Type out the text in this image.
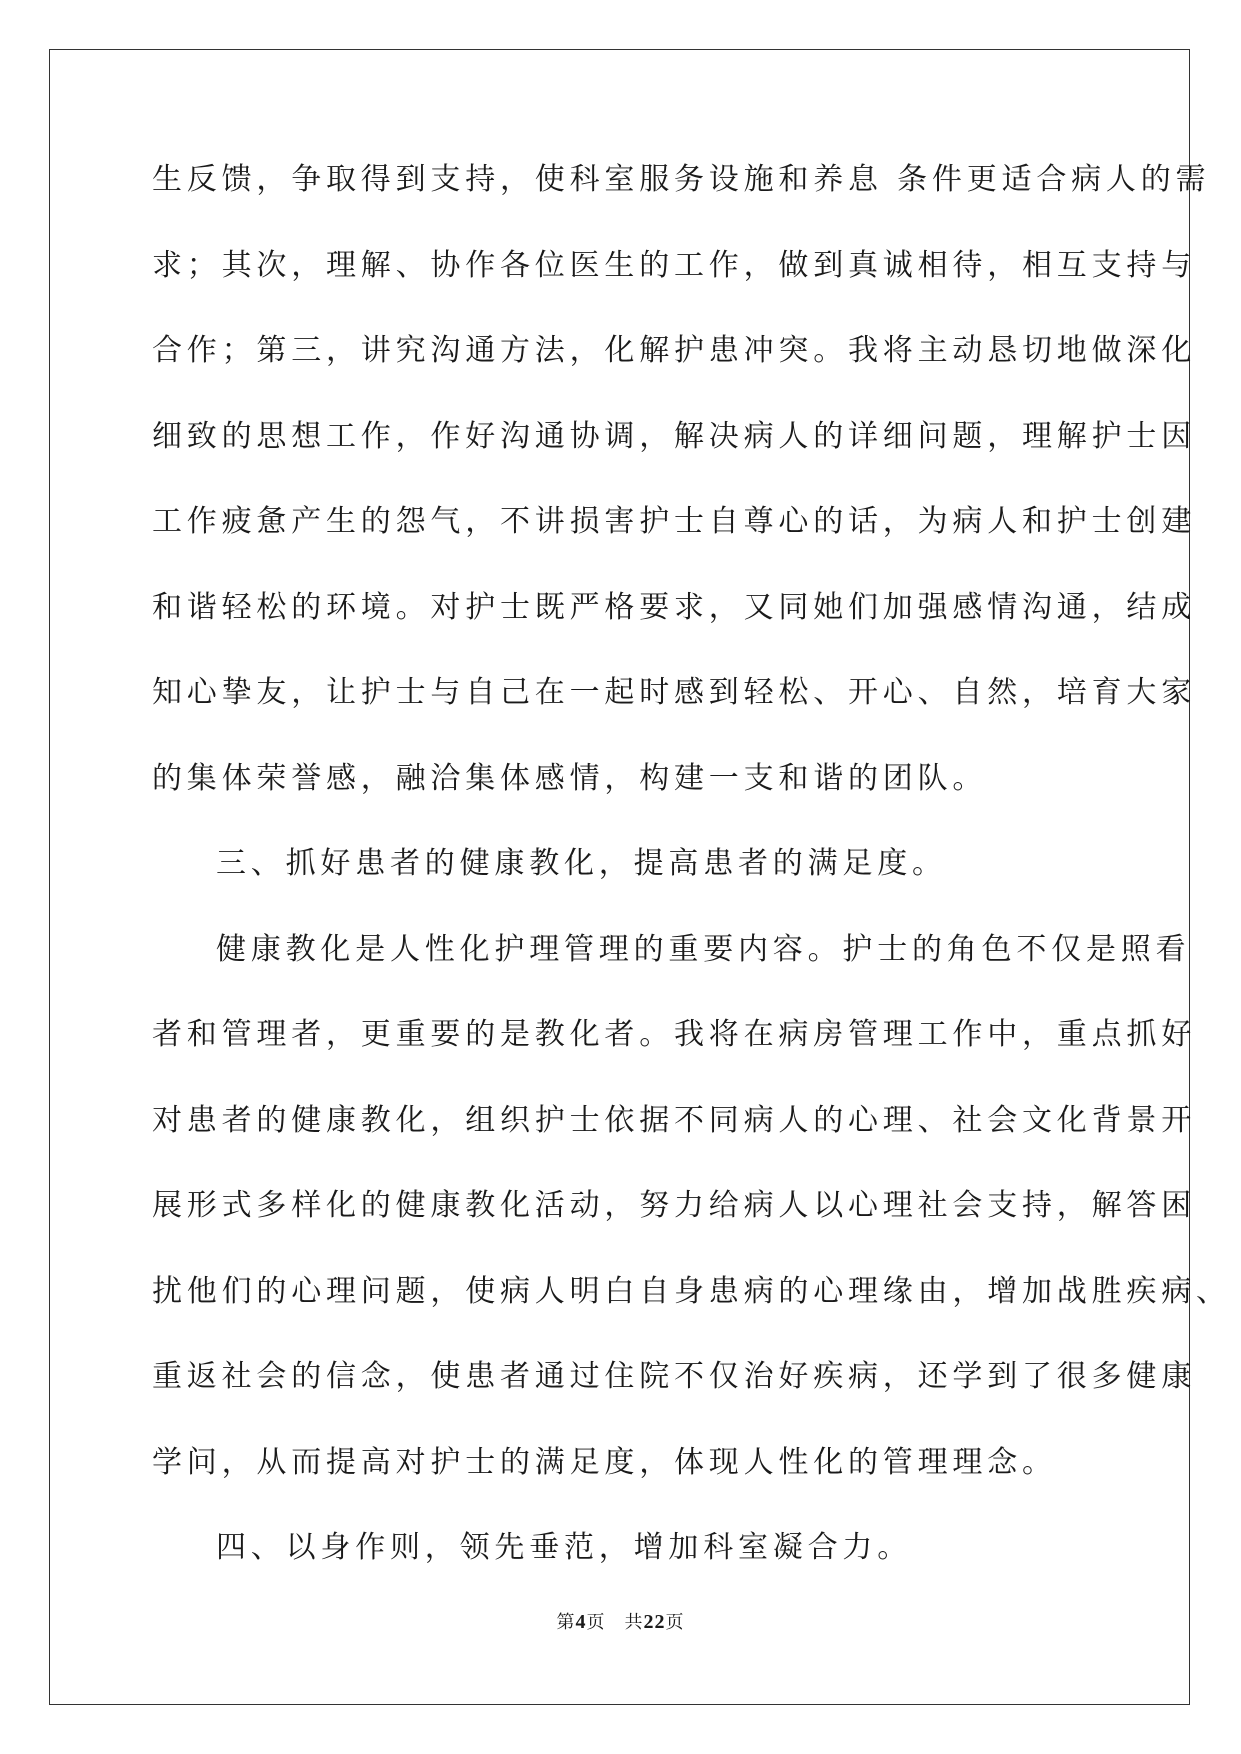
生反馈，争取得到支持，使科室服务设施和养息 条件更适合病人的需
求；其次，理解、协作各位医生的工作，做到真诚相待，相互支持与
合作；第三，讲究沟通方法，化解护患冲突。我将主动恳切地做深化
细致的思想工作，作好沟通协调，解决病人的详细问题，理解护士因
工作疲惫产生的怨气，不讲损害护士自尊心的话，为病人和护士创建
和谐轻松的环境。对护士既严格要求，又同她们加强感情沟通，结成
知心挚友，让护士与自己在一起时感到轻松、开心、自然，培育大家
的集体荣誉感，融洽集体感情，构建一支和谐的团队。
三、抓好患者的健康教化，提高患者的满足度。
健康教化是人性化护理管理的重要内容。护士的角色不仅是照看
者和管理者，更重要的是教化者。我将在病房管理工作中，重点抓好
对患者的健康教化，组织护士依据不同病人的心理、社会文化背景开
展形式多样化的健康教化活动，努力给病人以心理社会支持，解答困
扰他们的心理问题，使病人明白自身患病的心理缘由，增加战胜疾病、
重返社会的信念，使患者通过住院不仅治好疾病，还学到了很多健康
学问，从而提高对护士的满足度，体现人性化的管理理念。
四、以身作则，领先垂范，增加科室凝合力。
第4页　共22页
